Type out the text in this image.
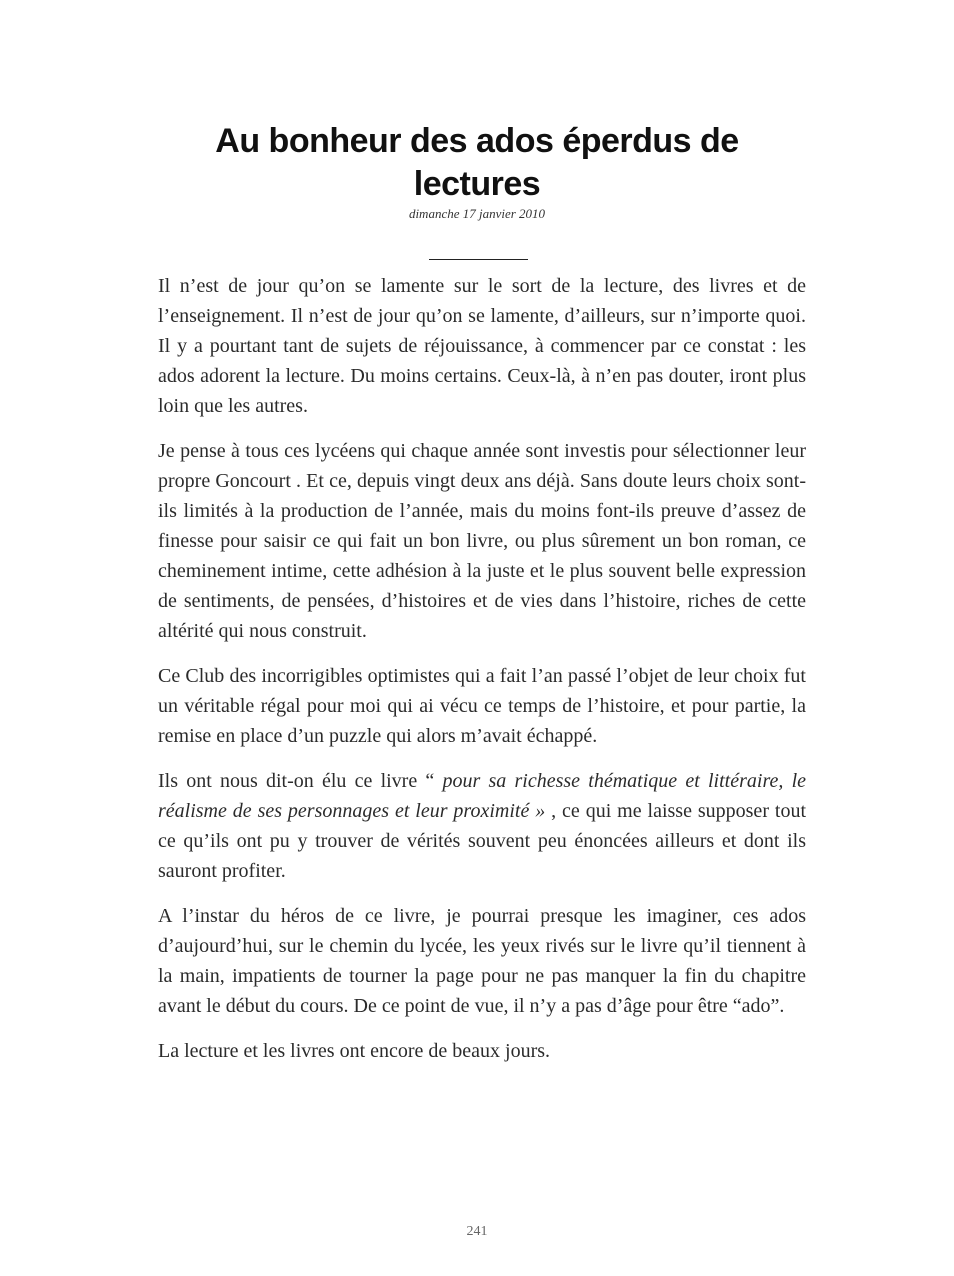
Au bonheur des ados éperdus de lectures
dimanche 17 janvier 2010

Il n’est de jour qu’on se lamente sur le sort de la lecture, des livres et de l’enseignement. Il n’est de jour qu’on se lamente, d’ailleurs, sur n’importe quoi. Il y a pourtant tant de sujets de réjouissance, à commencer par ce constat : les ados adorent la lecture. Du moins certains. Ceux-là, à n’en pas douter, iront plus loin que les autres.

Je pense à tous ces lycéens qui chaque année sont investis pour sélectionner leur propre Goncourt . Et ce, depuis vingt deux ans déjà. Sans doute leurs choix sont-ils limités à la production de l’année, mais du moins font-ils preuve d’assez de finesse pour saisir ce qui fait un bon livre, ou plus sûrement un bon roman, ce cheminement intime, cette adhésion à la juste et le plus souvent belle expression de sentiments, de pensées, d’histoires et de vies dans l’histoire, riches de cette altérité qui nous construit.

Ce Club des incorrigibles optimistes qui a fait l’an passé l’objet de leur choix fut un véritable régal pour moi qui ai vécu ce temps de l’histoire, et pour partie, la remise en place d’un puzzle qui alors m’avait échappé.

Ils ont nous dit-on élu ce livre “ pour sa richesse thématique et littéraire, le réalisme de ses personnages et leur proximité » , ce qui me laisse supposer tout ce qu’ils ont pu y trouver de vérités souvent peu énoncées ailleurs et dont ils sauront profiter.

A l’instar du héros de ce livre, je pourrai presque les imaginer, ces ados d’aujourd’hui, sur le chemin du lycée, les yeux rivés sur le livre qu’il tiennent à la main, impatients de tourner la page pour ne pas manquer la fin du chapitre avant le début du cours. De ce point de vue, il n’y a pas d’âge pour être “ado”.

La lecture et les livres ont encore de beaux jours.

241
